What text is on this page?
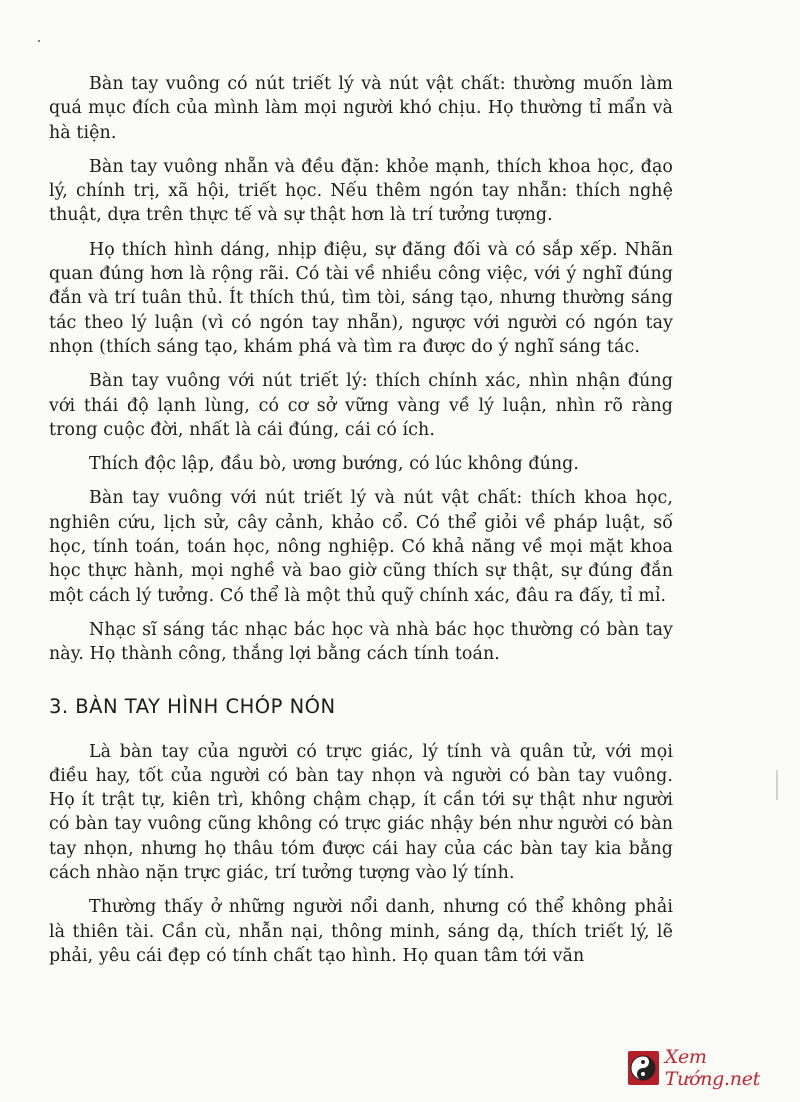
Bàn tay vuông có nút triết lý và nút vật chất: thường muốn làm quá mục đích của mình làm mọi người khó chịu. Họ thường tỉ mẩn và hà tiện.

Bàn tay vuông nhẵn và đều đặn: khỏe mạnh, thích khoa học, đạo lý, chính trị, xã hội, triết học. Nếu thêm ngón tay nhẵn: thích nghệ thuật, dựa trên thực tế và sự thật hơn là trí tưởng tượng.

Họ thích hình dáng, nhịp điệu, sự đăng đối và có sắp xếp. Nhãn quan đúng hơn là rộng rãi. Có tài về nhiều công việc, với ý nghĩ đúng đắn và trí tuân thủ. Ít thích thú, tìm tòi, sáng tạo, nhưng thường sáng tác theo lý luận (vì có ngón tay nhẵn), ngược với người có ngón tay nhọn (thích sáng tạo, khám phá và tìm ra được do ý nghĩ sáng tác.

Bàn tay vuông với nút triết lý: thích chính xác, nhìn nhận đúng với thái độ lạnh lùng, có cơ sở vững vàng về lý luận, nhìn rõ ràng trong cuộc đời, nhất là cái đúng, cái có ích.

Thích độc lập, đầu bò, ương bướng, có lúc không đúng.

Bàn tay vuông với nút triết lý và nút vật chất: thích khoa học, nghiên cứu, lịch sử, cây cảnh, khảo cổ. Có thể giỏi về pháp luật, số học, tính toán, toán học, nông nghiệp. Có khả năng về mọi mặt khoa học thực hành, mọi nghề và bao giờ cũng thích sự thật, sự đúng đắn một cách lý tưởng. Có thể là một thủ quỹ chính xác, đâu ra đấy, tỉ mỉ.

Nhạc sĩ sáng tác nhạc bác học và nhà bác học thường có bàn tay này. Họ thành công, thắng lợi bằng cách tính toán.

3. BÀN TAY HÌNH CHÓP NÓN

Là bàn tay của người có trực giác, lý tính và quân tử, với mọi điều hay, tốt của người có bàn tay nhọn và người có bàn tay vuông. Họ ít trật tự, kiên trì, không chậm chạp, ít cần tới sự thật như người có bàn tay vuông cũng không có trực giác nhậy bén như người có bàn tay nhọn, nhưng họ thâu tóm được cái hay của các bàn tay kia bằng cách nhào nặn trực giác, trí tưởng tượng vào lý tính.

Thường thấy ở những người nổi danh, nhưng có thể không phải là thiên tài. Cần cù, nhẫn nại, thông minh, sáng dạ, thích triết lý, lẽ phải, yêu cái đẹp có tính chất tạo hình. Họ quan tâm tới văn

Xem Tướng.net
